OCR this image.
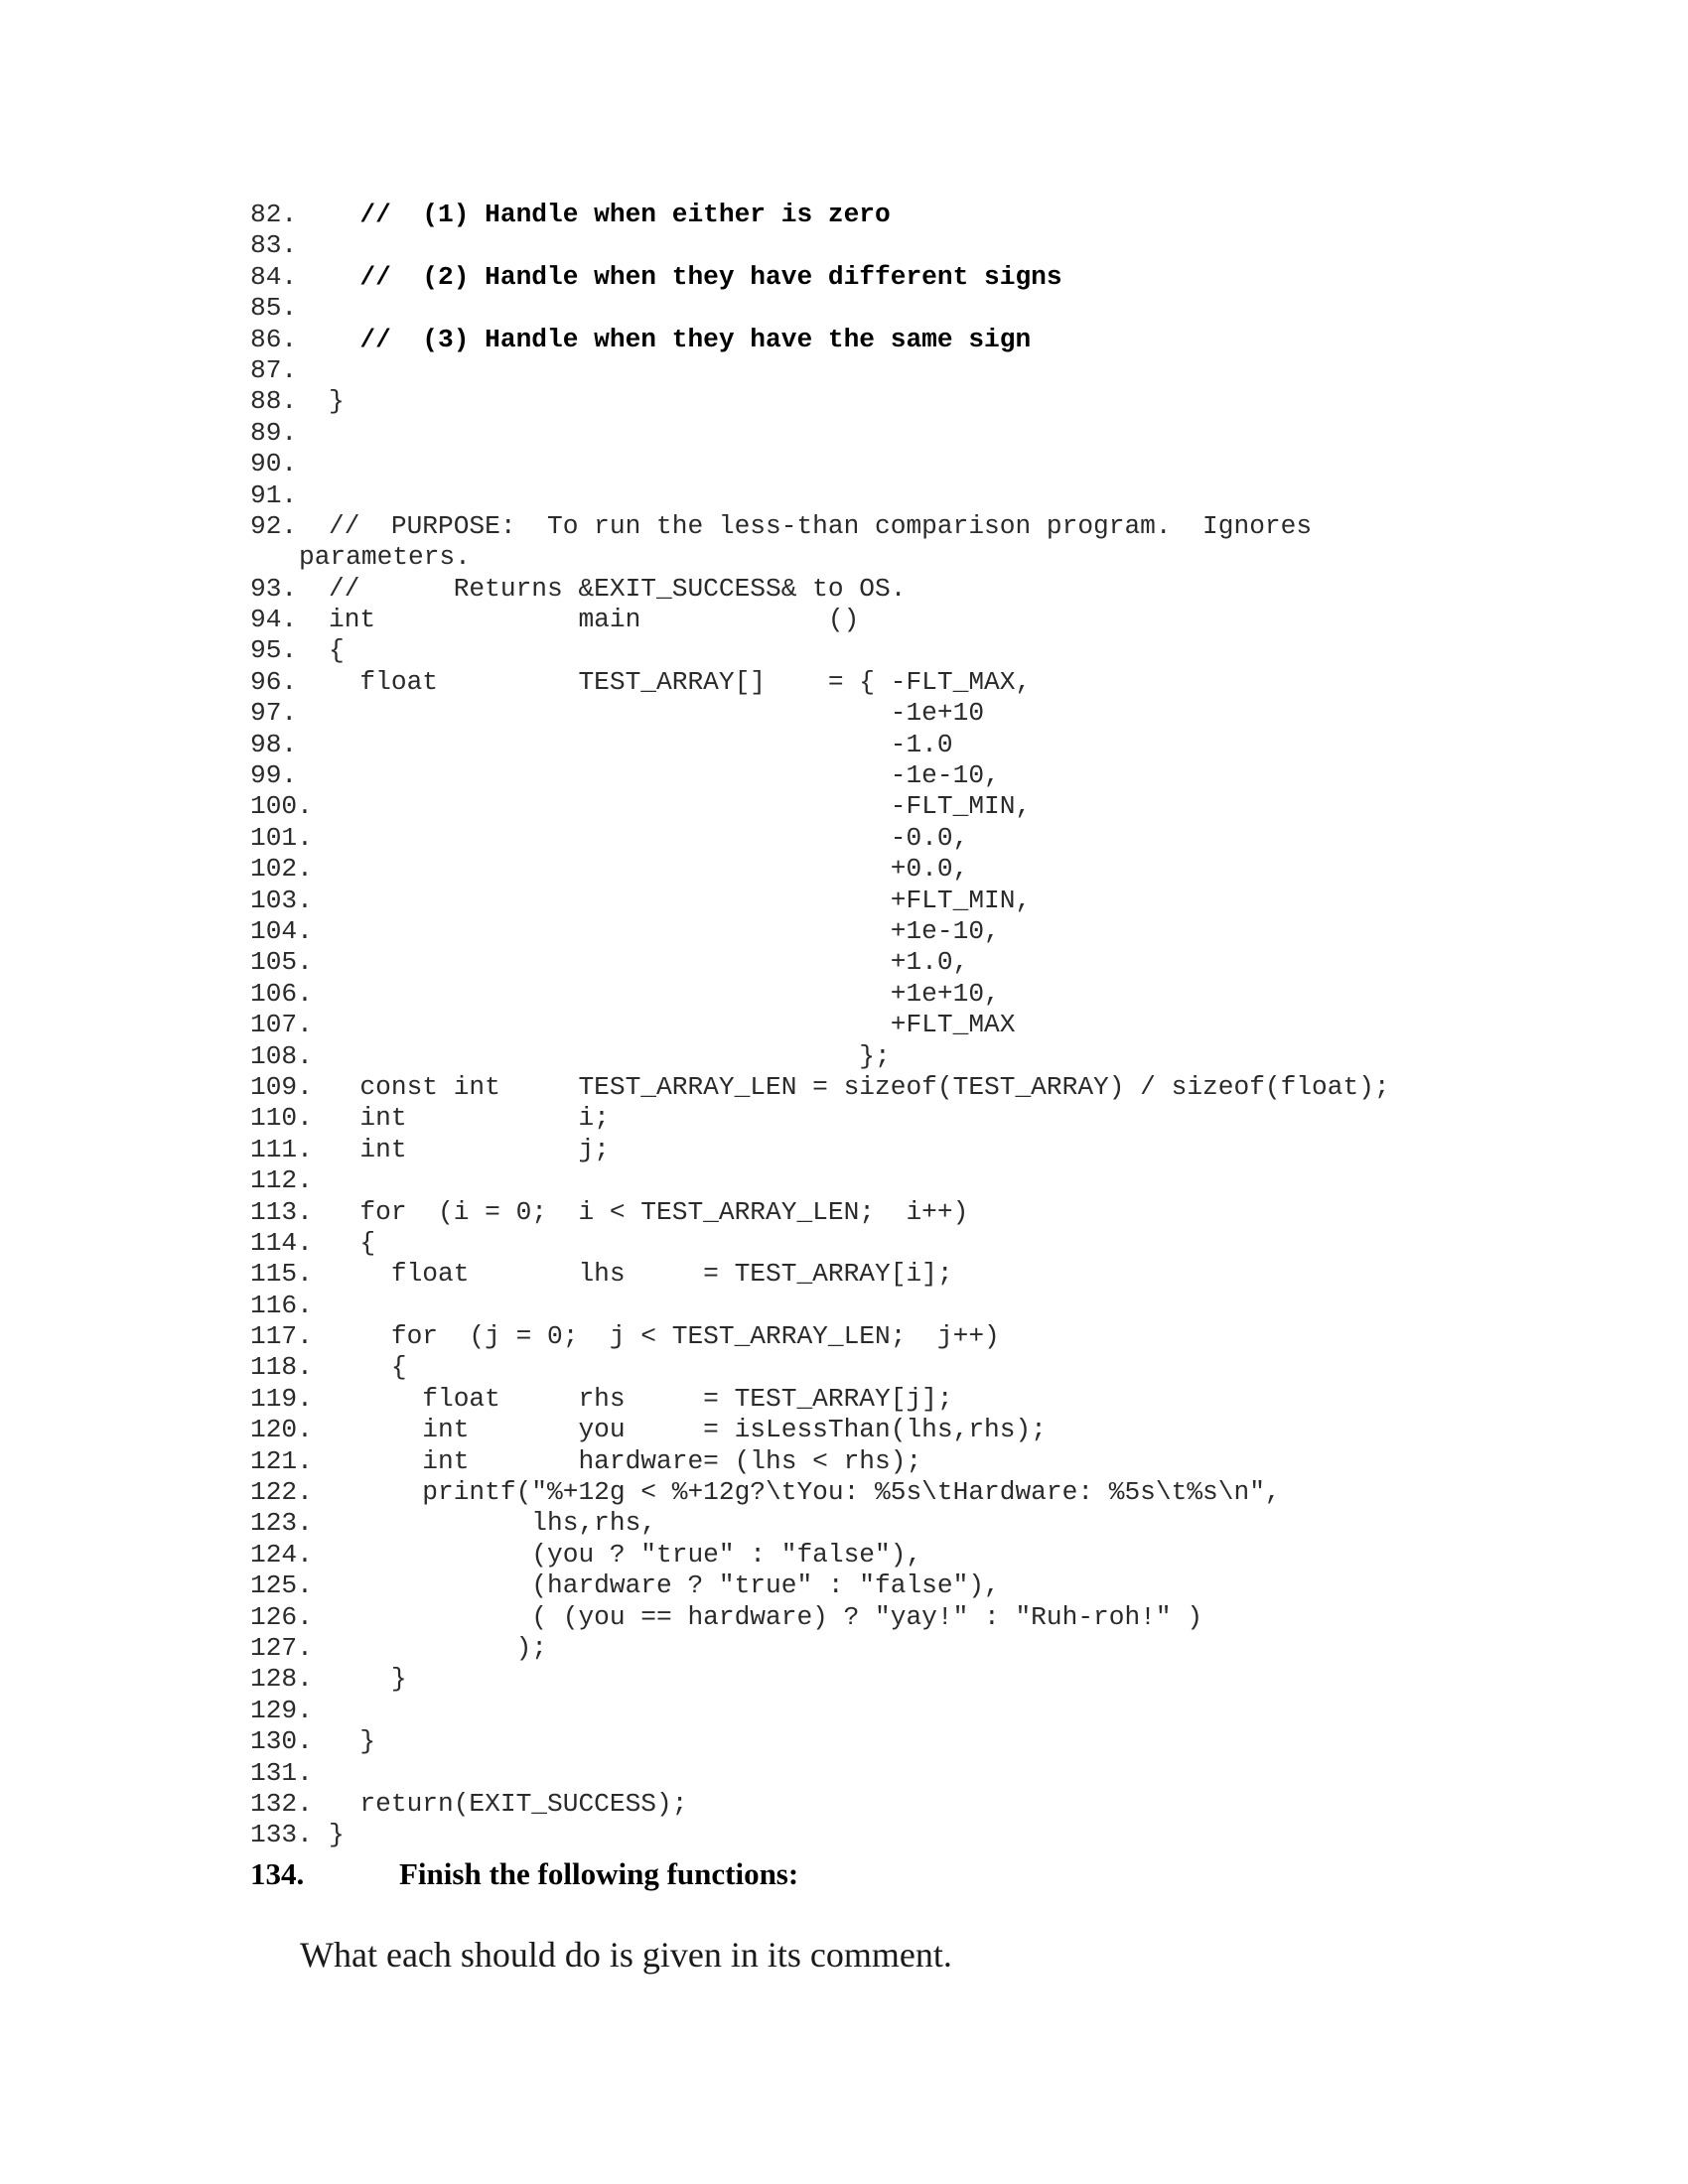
82.  //  (1) Handle when either is zero
83.
84.  //  (2) Handle when they have different signs
85.
86.  //  (3) Handle when they have the same sign
87.
88. }
89.
90.
91.
92. //  PURPOSE:  To run the less-than comparison program.  Ignores
parameters.
93. //      Returns &EXIT_SUCCESS& to OS.
94. int             main            ()
95. {
96.  float         TEST_ARRAY[]    = { -FLT_MAX,
97.                                    -1e+10
98.                                    -1.0
99.                                    -1e-10,
100.                                    -FLT_MIN,
101.                                    -0.0,
102.                                    +0.0,
103.                                    +FLT_MIN,
104.                                    +1e-10,
105.                                    +1.0,
106.                                    +1e+10,
107.                                    +FLT_MAX
108.                                  };
109.  const int     TEST_ARRAY_LEN = sizeof(TEST_ARRAY) / sizeof(float);
110.  int           i;
111.  int           j;
112.
113.  for  (i = 0;  i < TEST_ARRAY_LEN;  i++)
114.  {
115.    float       lhs     = TEST_ARRAY[i];
116.
117.    for  (j = 0;  j < TEST_ARRAY_LEN;  j++)
118.    {
119.      float     rhs     = TEST_ARRAY[j];
120.      int       you     = isLessThan(lhs,rhs);
121.      int       hardware= (lhs < rhs);
122.      printf("%+12g < %+12g?\tYou: %5s\tHardware: %5s\t%s\n",
123.             lhs,rhs,
124.             (you ? "true" : "false"),
125.             (hardware ? "true" : "false"),
126.             ( (you == hardware) ? "yay!" : "Ruh-roh!" )
127.            );
128.    }
129.
130.  }
131.
132.  return(EXIT_SUCCESS);
133. }
134.	Finish the following functions:
What each should do is given in its comment.
